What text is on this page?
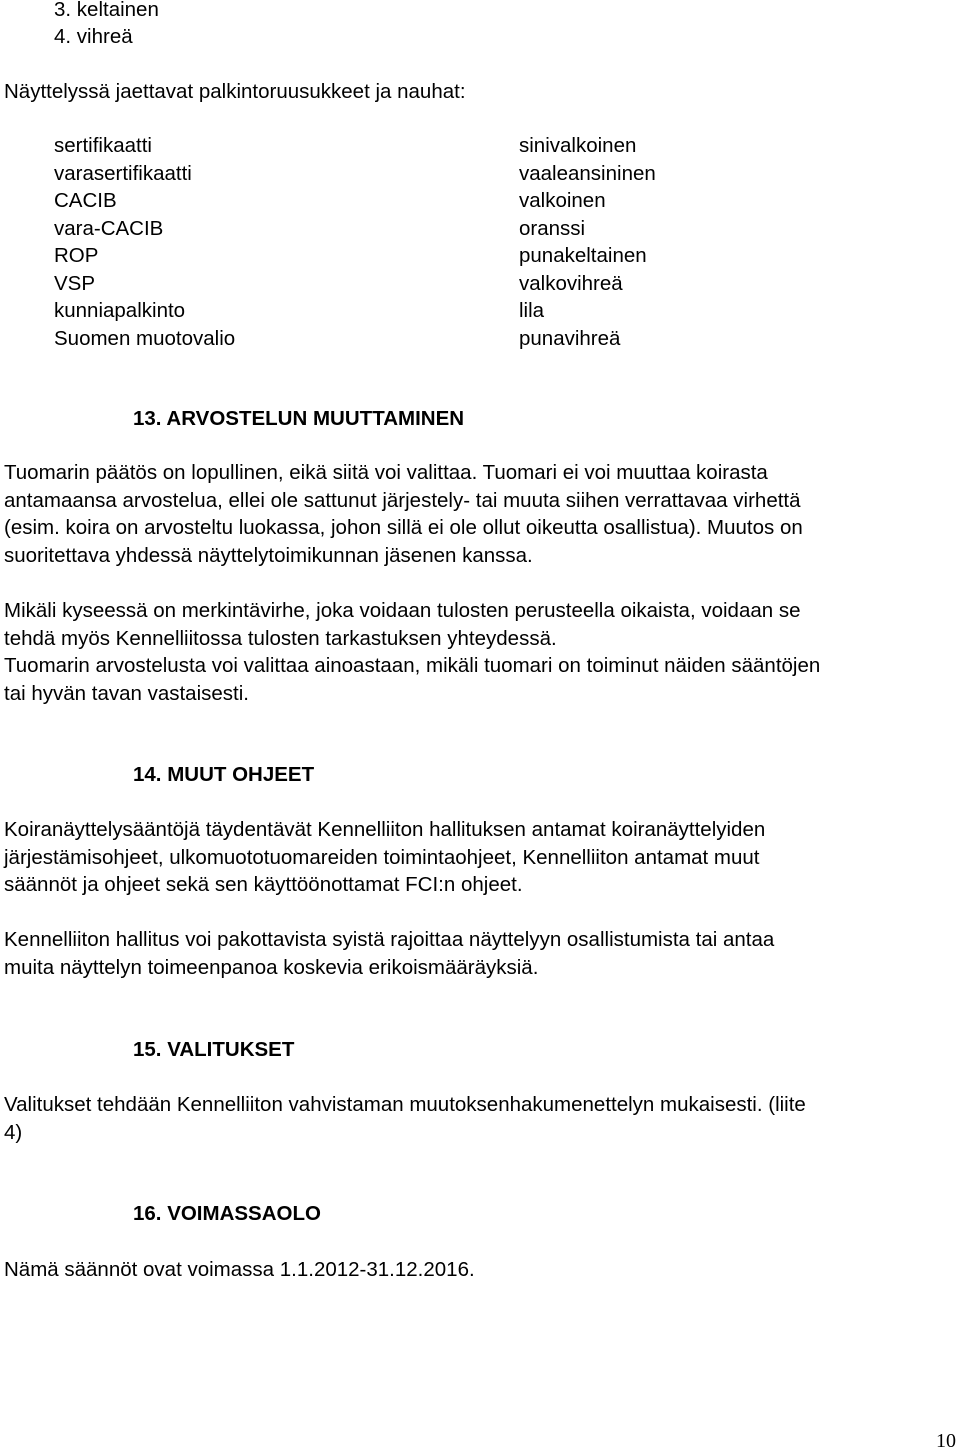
3. keltainen
4. vihreä
Näyttelyssä jaettavat palkintoruusukkeet ja nauhat:
sertifikaatti
varasertifikaatti
CACIB
vara-CACIB
ROP
VSP
kunniapalkinto
Suomen muotovalio
sinivalkoinen
vaaleansininen
valkoinen
oranssi
punakeltainen
valkovihreä
lila
punavihreä
13. ARVOSTELUN MUUTTAMINEN
Tuomarin päätös on lopullinen, eikä siitä voi valittaa. Tuomari ei voi muuttaa koirasta
antamaansa arvostelua, ellei ole sattunut järjestely- tai muuta siihen verrattavaa virhettä
(esim. koira on arvosteltu luokassa, johon sillä ei ole ollut oikeutta osallistua). Muutos on
suoritettava yhdessä näyttelytoimikunnan jäsenen kanssa.
Mikäli kyseessä on merkintävirhe, joka voidaan tulosten perusteella oikaista, voidaan se
tehdä myös Kennelliitossa tulosten tarkastuksen yhteydessä.
Tuomarin arvostelusta voi valittaa ainoastaan, mikäli tuomari on toiminut näiden sääntöjen
tai hyvän tavan vastaisesti.
14. MUUT OHJEET
Koiranäyttelysääntöjä täydentävät Kennelliiton hallituksen antamat koiranäyttelyiden
järjestämisohjeet, ulkomuototuomareiden toimintaohjeet, Kennelliiton antamat muut
säännöt ja ohjeet sekä sen käyttöönottamat FCI:n ohjeet.
Kennelliiton hallitus voi pakottavista syistä rajoittaa näyttelyyn osallistumista tai antaa
muita näyttelyn toimeenpanoa koskevia erikoismääräyksiä.
15. VALITUKSET
Valitukset tehdään Kennelliiton vahvistaman muutoksenhakumenettelyn mukaisesti. (liite
4)
16. VOIMASSAOLO
Nämä säännöt ovat voimassa 1.1.2012-31.12.2016.
10
